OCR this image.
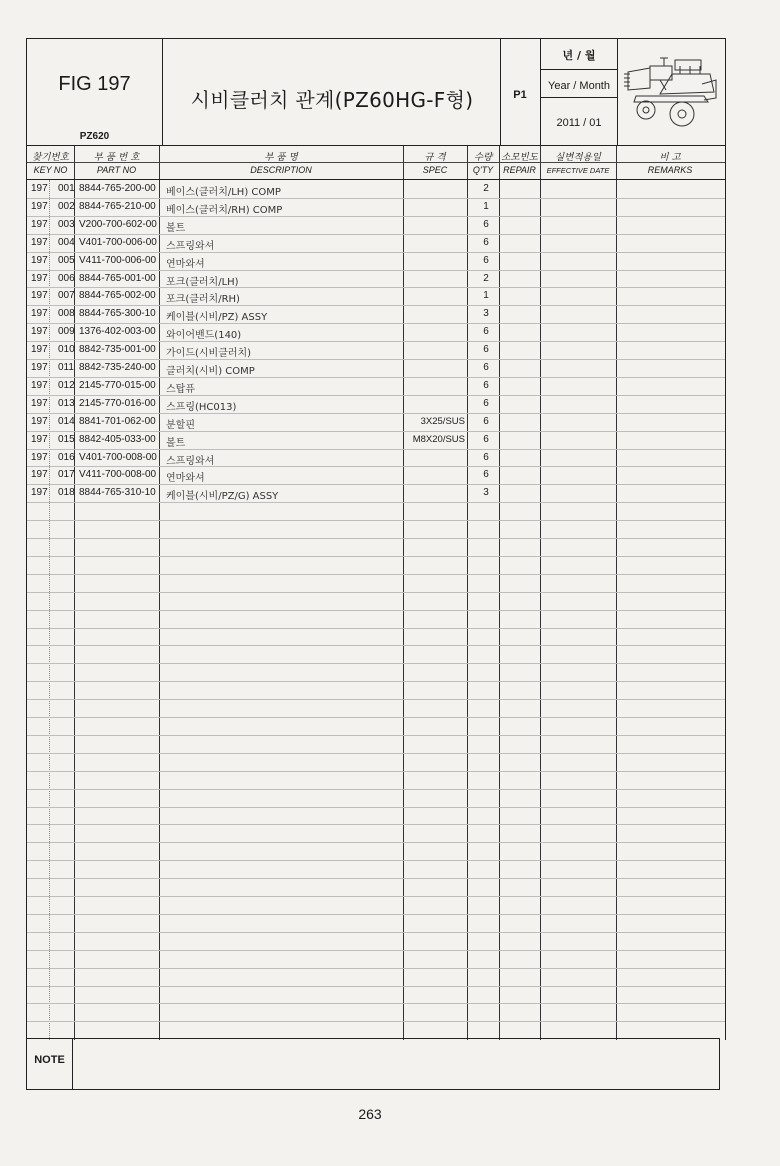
FIG 197
PZ620
시비클러치 관계(PZ60HG-F형)	P1
년 / 월
Year / Month
2011 / 01
찾기번호
KEY NO
부 품 번 호
PART NO
부 품 명
DESCRIPTION
규 격
SPEC
수량
Q'TY
소모빈도
REPAIR
실변적용일
EFFECTIVE DATE
비 고
REMARKS
197 001 8844-765-200-00 베이스(클러치/LH) COMP	2
197 002 8844-765-210-00 베이스(클러치/RH) COMP	1
197 003 V200-700-602-00 볼트	6
197 004 V401-700-006-00 스프링와셔	6
197 005 V411-700-006-00 연마와셔	6
197 006 8844-765-001-00 포크(클러치/LH)	2
197 007 8844-765-002-00 포크(클러치/RH)	1
197 008 8844-765-300-10 케이블(시비/PZ) ASSY	3
197 009 1376-402-003-00 와이어밴드(140)	6
197 010 8842-735-001-00 가이드(시비클러치)	6
197 011 8842-735-240-00 클러치(시비) COMP	6
197 012 2145-770-015-00 스탑퓨	6
197 013 2145-770-016-00 스프링(HC013)	6
197 014 8841-701-062-00 분할핀	3X25/SUS	6
197 015 8842-405-033-00 볼트	M8X20/SUS	6
197 016 V401-700-008-00 스프링와셔	6
197 017 V411-700-008-00 연마와셔	6
197 018 8844-765-310-10 케이블(시비/PZ/G) ASSY	3
NOTE
263
